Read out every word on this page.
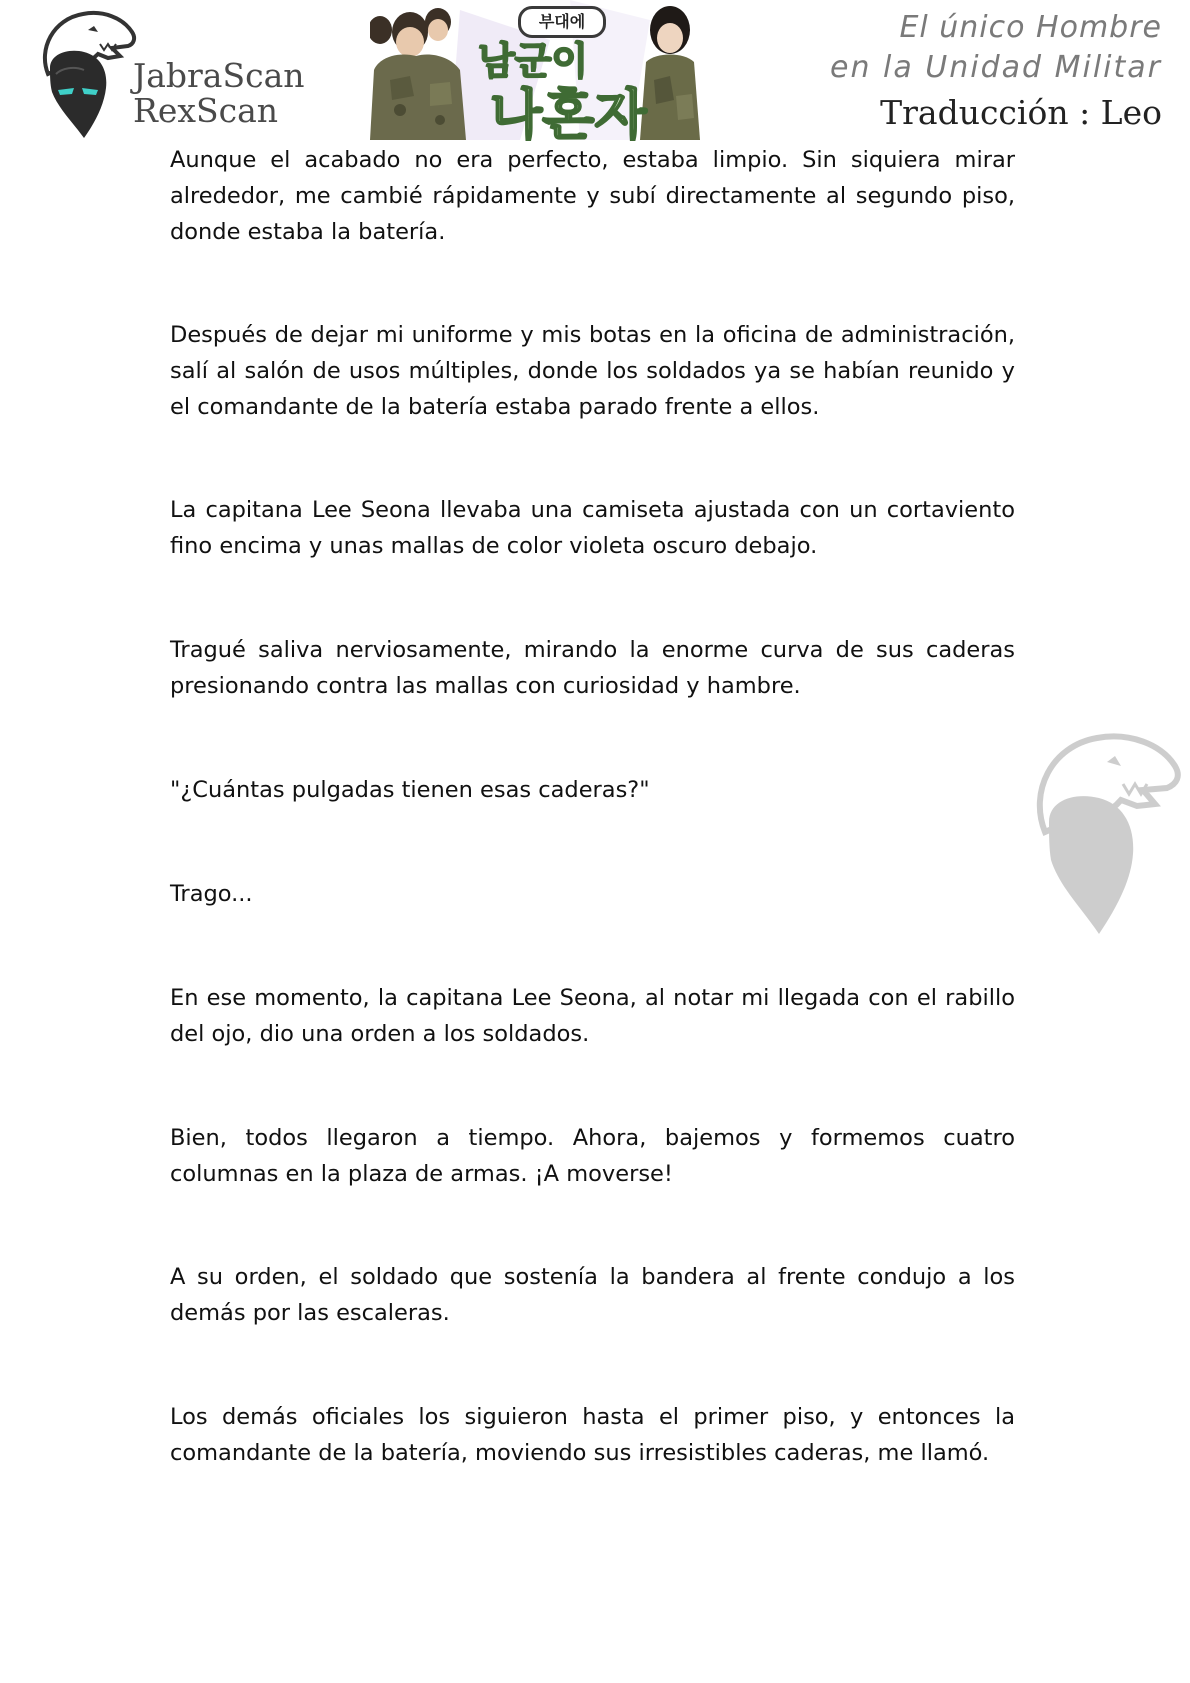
JabraScan
RexScan
부대에
남군이
나혼자
El único Hombre
en la Unidad Militar
Traducción : Leo

Aunque el acabado no era perfecto, estaba limpio. Sin siquiera mirar alrededor, me cambié rápidamente y subí directamente al segundo piso, donde estaba la batería.

Después de dejar mi uniforme y mis botas en la oficina de administración, salí al salón de usos múltiples, donde los soldados ya se habían reunido y el comandante de la batería estaba parado frente a ellos.

La capitana Lee Seona llevaba una camiseta ajustada con un cortaviento fino encima y unas mallas de color violeta oscuro debajo.

Tragué saliva nerviosamente, mirando la enorme curva de sus caderas presionando contra las mallas con curiosidad y hambre.

"¿Cuántas pulgadas tienen esas caderas?"

Trago...

En ese momento, la capitana Lee Seona, al notar mi llegada con el rabillo del ojo, dio una orden a los soldados.

Bien, todos llegaron a tiempo. Ahora, bajemos y formemos cuatro columnas en la plaza de armas. ¡A moverse!

A su orden, el soldado que sostenía la bandera al frente condujo a los demás por las escaleras.

Los demás oficiales los siguieron hasta el primer piso, y entonces la comandante de la batería, moviendo sus irresistibles caderas, me llamó.
